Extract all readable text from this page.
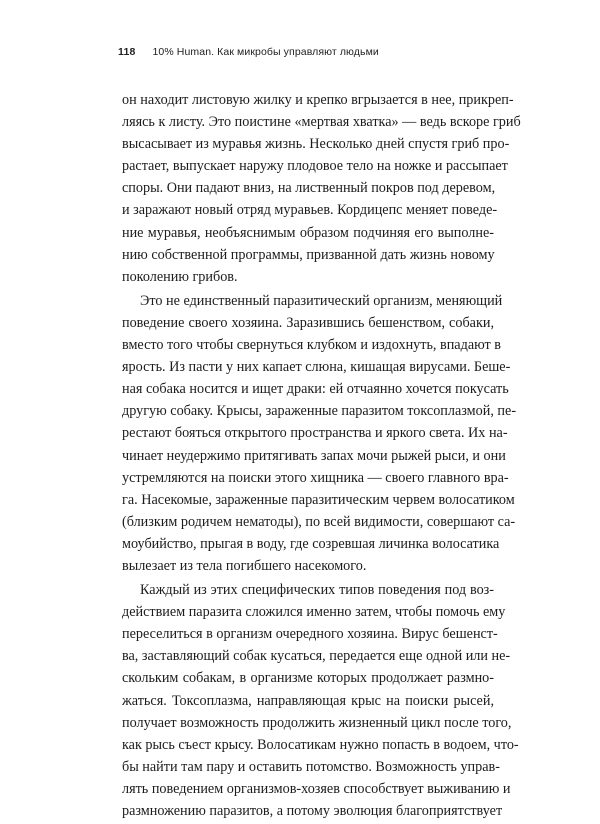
118 10% Human. Как микробы управляют людьми
он находит листовую жилку и крепко вгрызается в нее, прикреп-
ляясь к листу. Это поистине «мертвая хватка» — ведь вскоре гриб
высасывает из муравья жизнь. Несколько дней спустя гриб про-
растает, выпускает наружу плодовое тело на ножке и рассыпает
споры. Они падают вниз, на лиственный покров под деревом,
и заражают новый отряд муравьев. Кордицепс меняет поведе-
ние муравья, необъяснимым образом подчиняя его выполне-
нию собственной программы, призванной дать жизнь новому
поколению грибов.
Это не единственный паразитический организм, меняющий
поведение своего хозяина. Заразившись бешенством, собаки,
вместо того чтобы свернуться клубком и издохнуть, впадают в
ярость. Из пасти у них капает слюна, кишащая вирусами. Беше-
ная собака носится и ищет драки: ей отчаянно хочется покусать
другую собаку. Крысы, зараженные паразитом токсоплазмой, пе-
рестают бояться открытого пространства и яркого света. Их на-
чинает неудержимо притягивать запах мочи рыжей рыси, и они
устремляются на поиски этого хищника — своего главного вра-
га. Насекомые, зараженные паразитическим червем волосатиком
(близким родичем нематоды), по всей видимости, совершают са-
моубийство, прыгая в воду, где созревшая личинка волосатика
вылезает из тела погибшего насекомого.
Каждый из этих специфических типов поведения под воз-
действием паразита сложился именно затем, чтобы помочь ему
переселиться в организм очередного хозяина. Вирус бешенст-
ва, заставляющий собак кусаться, передается еще одной или не-
скольким собакам, в организме которых продолжает размно-
жаться. Токсоплазма, направляющая крыс на поиски рысей,
получает возможность продолжить жизненный цикл после того,
как рысь съест крысу. Волосатикам нужно попасть в водоем, что-
бы найти там пару и оставить потомство. Возможность управ-
лять поведением организмов-хозяев способствует выживанию и
размножению паразитов, а потому эволюция благоприятствует
